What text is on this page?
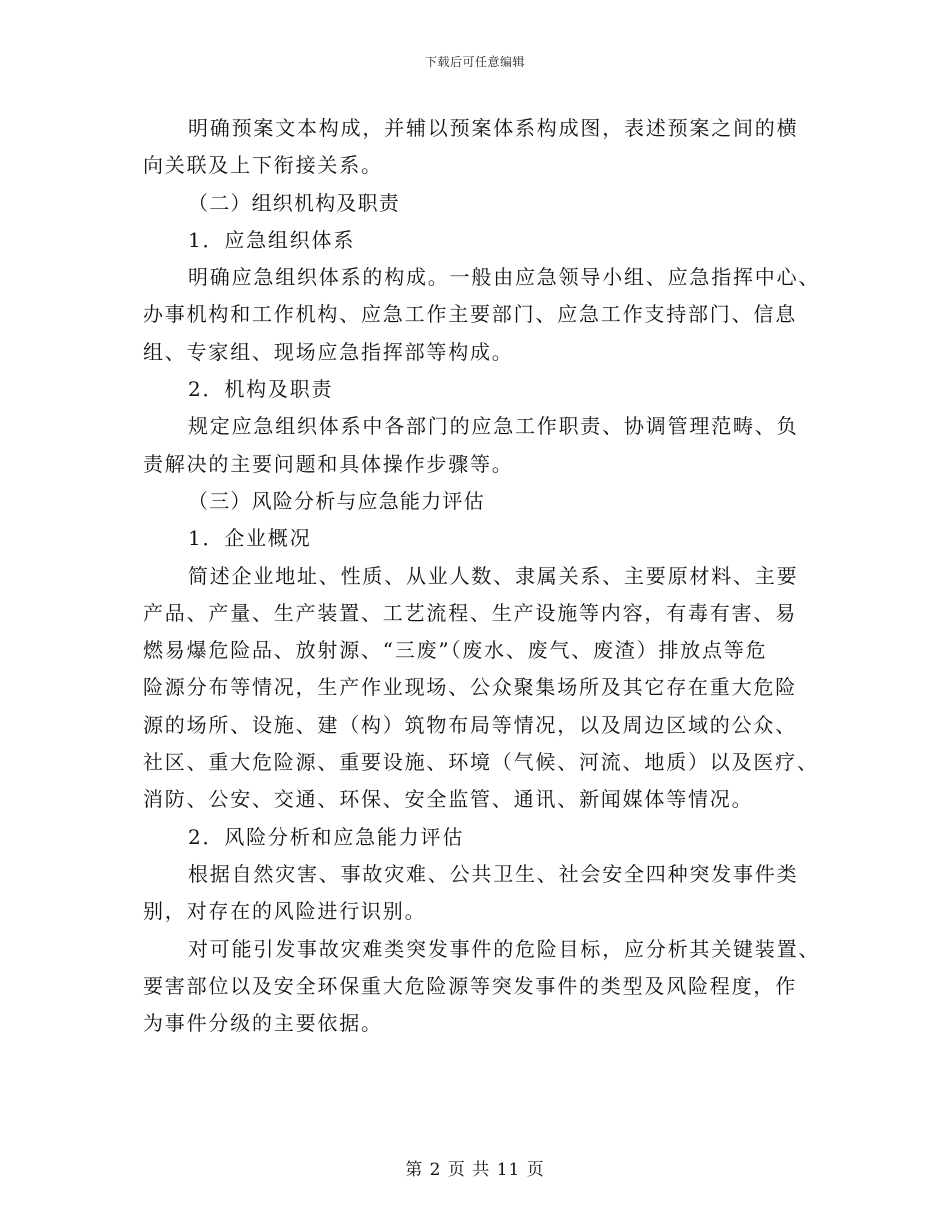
下载后可任意编辑
明确预案文本构成，并辅以预案体系构成图，表述预案之间的横
向关联及上下衔接关系。
（二）组织机构及职责
1．应急组织体系
明确应急组织体系的构成。一般由应急领导小组、应急指挥中心、
办事机构和工作机构、应急工作主要部门、应急工作支持部门、信息
组、专家组、现场应急指挥部等构成。
2．机构及职责
规定应急组织体系中各部门的应急工作职责、协调管理范畴、负
责解决的主要问题和具体操作步骤等。
（三）风险分析与应急能力评估
1．企业概况
简述企业地址、性质、从业人数、隶属关系、主要原材料、主要
产品、产量、生产装置、工艺流程、生产设施等内容，有毒有害、易
燃易爆危险品、放射源、“三废”（废水、废气、废渣）排放点等危
险源分布等情况，生产作业现场、公众聚集场所及其它存在重大危险
源的场所、设施、建（构）筑物布局等情况，以及周边区域的公众、
社区、重大危险源、重要设施、环境（气候、河流、地质）以及医疗、
消防、公安、交通、环保、安全监管、通讯、新闻媒体等情况。
2．风险分析和应急能力评估
根据自然灾害、事故灾难、公共卫生、社会安全四种突发事件类
别，对存在的风险进行识别。
对可能引发事故灾难类突发事件的危险目标，应分析其关键装置、
要害部位以及安全环保重大危险源等突发事件的类型及风险程度，作
为事件分级的主要依据。
第 2 页 共 11 页
